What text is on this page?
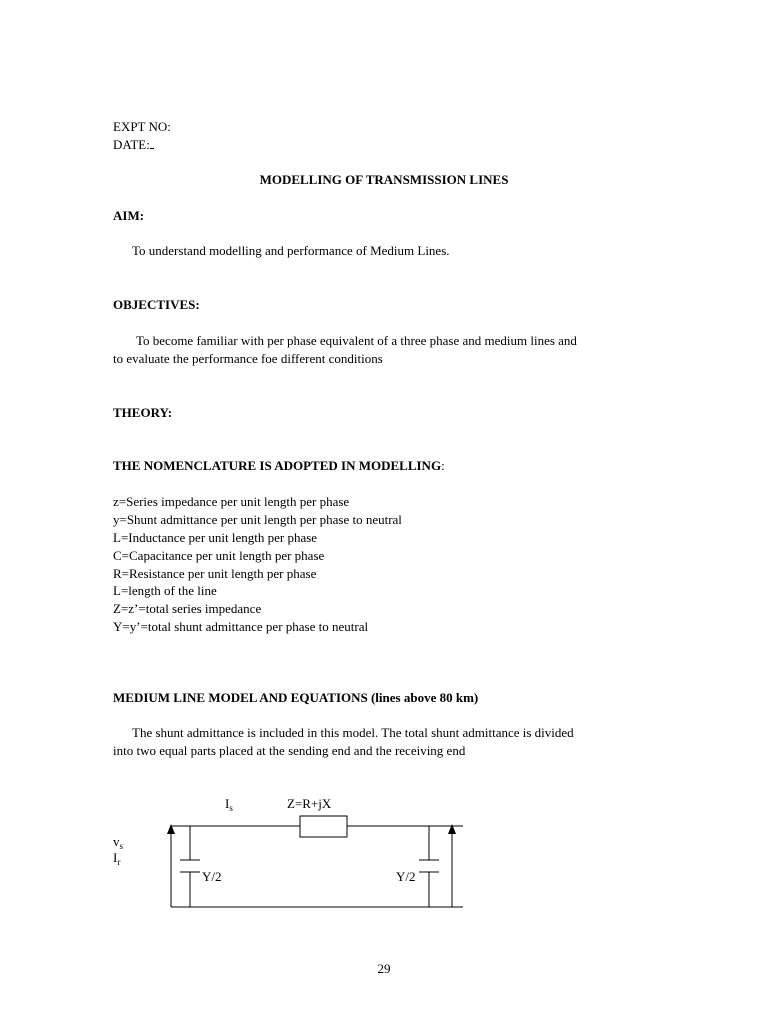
EXPT NO:
DATE:
MODELLING OF TRANSMISSION LINES
AIM:
To understand modelling and performance of Medium Lines.
OBJECTIVES:
To become familiar with per phase equivalent of a three phase and medium lines and
to evaluate the performance foe different conditions
THEORY:
THE NOMENCLATURE IS ADOPTED IN MODELLING:
z=Series impedance per unit length per phase
y=Shunt admittance per unit length per phase to neutral
L=Inductance per unit length per phase
C=Capacitance per unit length per phase
R=Resistance per unit length per phase
L=length of the line
Z=z’=total series impedance
Y=y’=total shunt admittance per phase to neutral
MEDIUM LINE MODEL AND EQUATIONS (lines above 80 km)
The shunt admittance is included in this model. The total shunt admittance is divided
into two equal parts placed at the sending end and the receiving end
$I_s$	Z=R+jX
$v_s$
$I_r$
Y/2	Y/2
29
